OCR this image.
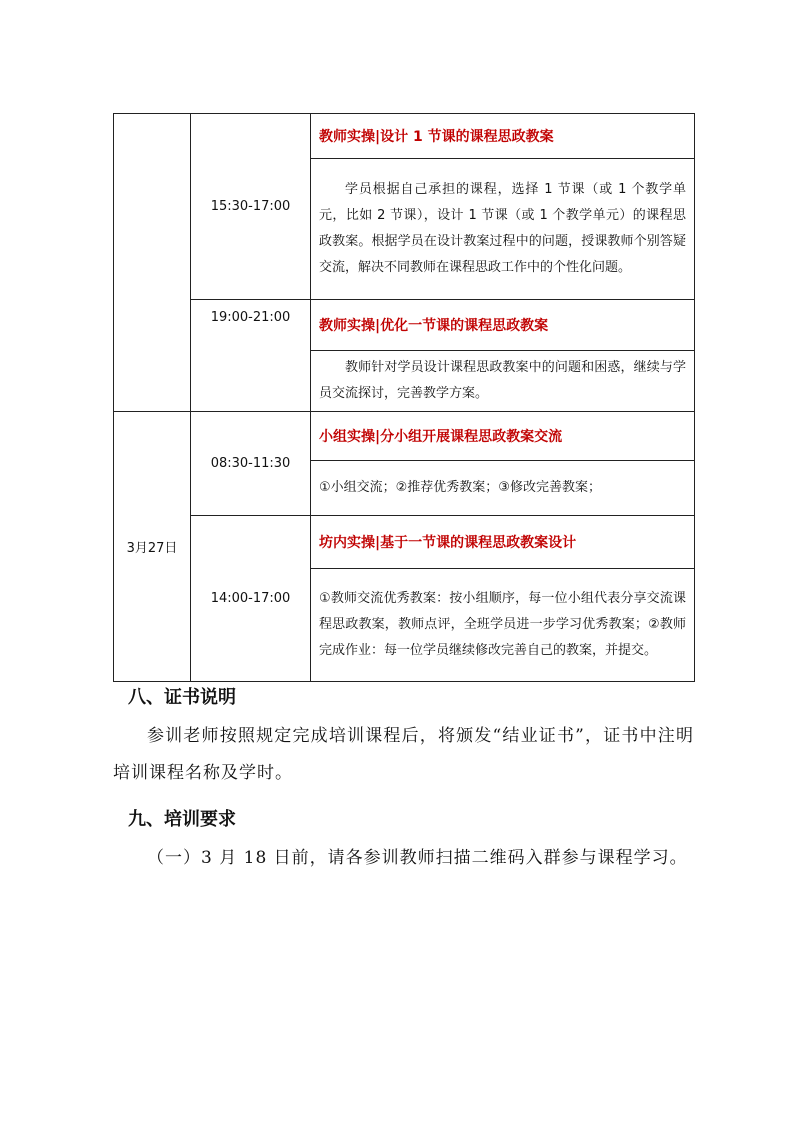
	15:30-17:00	教师实操|设计 1 节课的课程思政教案
		学员根据自己承担的课程，选择 1 节课（或 1 个教学单元，比如 2 节课），设计 1 节课（或 1 个教学单元）的课程思政教案。根据学员在设计教案过程中的问题，授课教师个别答疑交流，解决不同教师在课程思政工作中的个性化问题。
	19:00-21:00	教师实操|优化一节课的课程思政教案
		教师针对学员设计课程思政教案中的问题和困惑，继续与学员交流探讨，完善教学方案。
3月27日	08:30-11:30	小组实操|分小组开展课程思政教案交流
		①小组交流；②推荐优秀教案；③修改完善教案；
	14:00-17:00	坊内实操|基于一节课的课程思政教案设计
		①教师交流优秀教案：按小组顺序，每一位小组代表分享交流课程思政教案，教师点评，全班学员进一步学习优秀教案；②教师完成作业：每一位学员继续修改完善自己的教案，并提交。
八、证书说明
参训老师按照规定完成培训课程后，将颁发“结业证书”，证书中注明培训课程名称及学时。
九、培训要求
（一）3 月 18 日前，请各参训教师扫描二维码入群参与课程学习。
